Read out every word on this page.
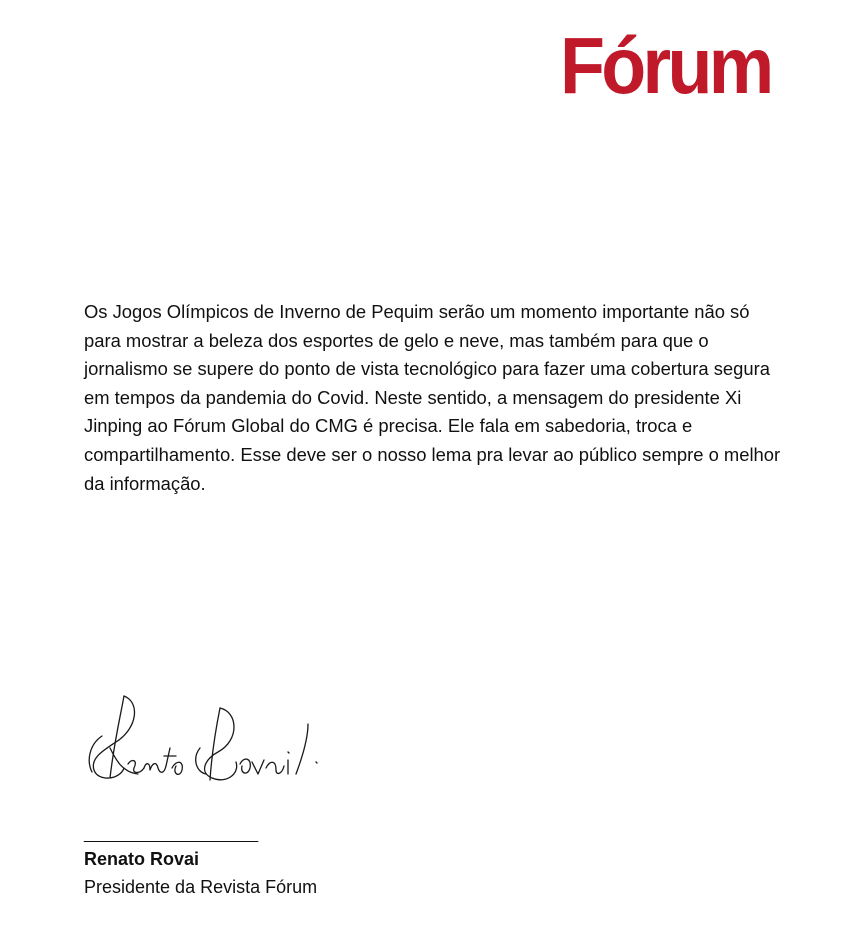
Fórum

Os Jogos Olímpicos de Inverno de Pequim serão um momento importante não só para mostrar a beleza dos esportes de gelo e neve, mas também para que o jornalismo se supere do ponto de vista tecnológico para fazer uma cobertura segura em tempos da pandemia do Covid. Neste sentido, a mensagem do presidente Xi Jinping ao Fórum Global do CMG é precisa. Ele fala em sabedoria, troca e compartilhamento. Esse deve ser o nosso lema pra levar ao público sempre o melhor da informação.

____________________
Renato Rovai
Presidente da Revista Fórum
